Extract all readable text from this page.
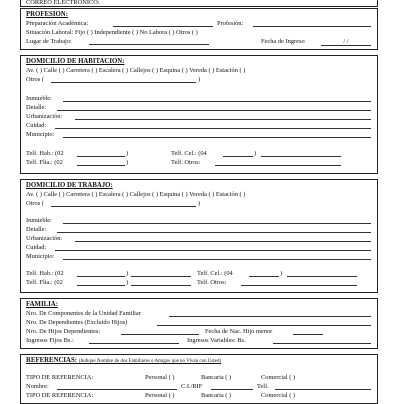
CORREO ELECTRONICO:
PROFESION:
Preparación Académica:	Profesión:
Situación Laboral: Fijo ( ) Independiente ( ) No Labora ( ) Otros ( )
Lugar de Trabajo:	Fecha de Ingreso	/ /
DOMICILIO DE HABITACION:
Av. ( ) Calle ( ) Carretera ( ) Escalera ( ) Callejos ( ) Esquina ( ) Vereda ( ) Estación ( )
Otros (	)
Inmueble:
Detalle:
Urbanización:
Cuidad:
Municipio:
Telf. Hab.: (02	)	Telf. Cel.: (04	)
Telf. Flia.: (02	)	Telf. Otros:
DOMICILIO DE TRABAJO:
Av. ( ) Calle ( ) Carretera ( ) Escalera ( ) Callejos ( ) Esquina ( ) Vereda ( ) Estación ( )
Otros (	)
Inmueble:
Detalle:
Urbanización:
Cuidad:
Municipio:
Telf. Hab.: (02	)	Telf. Cel.: (04	)
Telf. Flia.: (02	)	Telf. Otros:
FAMILIA:
Nro. De Componentes de la Unidad Familiar
Nro. De Dependientes (Excluido Hijos)
Nro. De Hijos Dependientes:	Fecha de Nac. Hijo menor
Ingresos Fijos Bs.:	Ingresos Variables: Bs.
REFERENCIAS: (Indique Nombre de dos Familiares o Amigos que no Vivan con Usted)
TIPO DE REFERENCIA:	Personal ( )	Bancaria ( )	Comercial ( )
Nombre:	C.I./RIF	Telf.
TIPO DE REFERENCIA:	Personal ( )	Bancaria ( )	Comercial ( )
